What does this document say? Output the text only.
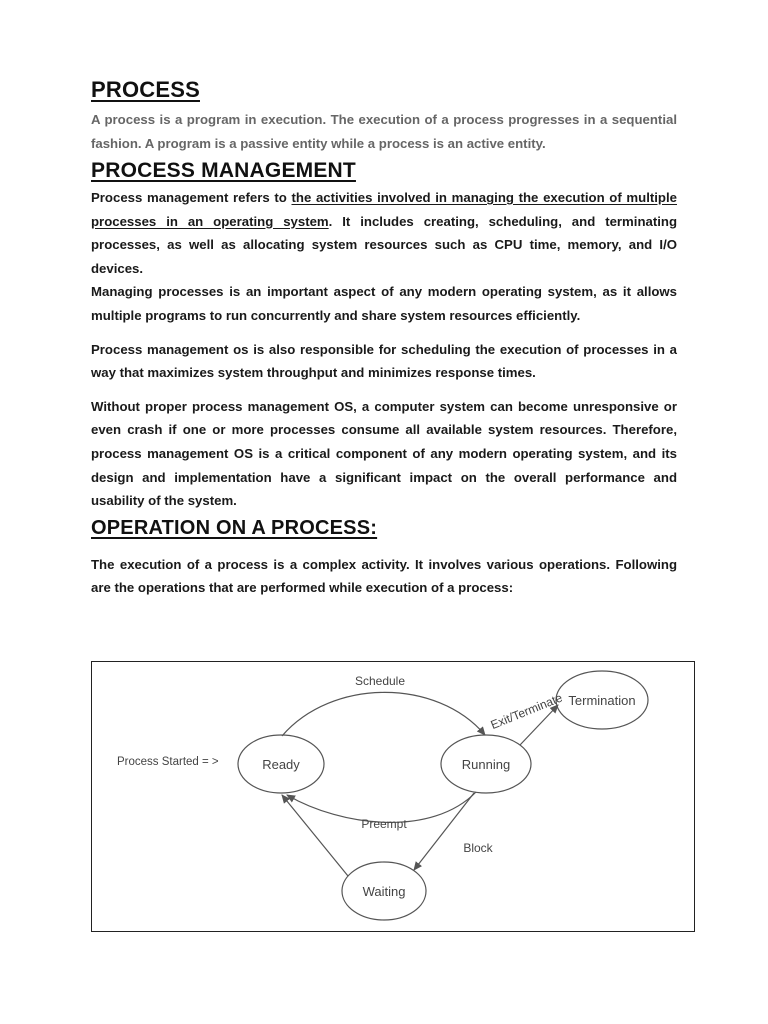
PROCESS

A process is a program in execution. The execution of a process progresses in a sequential fashion. A program is a passive entity while a process is an active entity.

PROCESS MANAGEMENT

Process management refers to the activities involved in managing the execution of multiple processes in an operating system. It includes creating, scheduling, and terminating processes, as well as allocating system resources such as CPU time, memory, and I/O devices.

Managing processes is an important aspect of any modern operating system, as it allows multiple programs to run concurrently and share system resources efficiently.

Process management os is also responsible for scheduling the execution of processes in a way that maximizes system throughput and minimizes response times.

Without proper process management OS, a computer system can become unresponsive or even crash if one or more processes consume all available system resources. Therefore, process management OS is a critical component of any modern operating system, and its design and implementation have a significant impact on the overall performance and usability of the system.

OPERATION ON A PROCESS:

The execution of a process is a complex activity. It involves various operations. Following are the operations that are performed while execution of a process:

Process Started = >	Ready	Running
Waiting
Termination
Schedule
Exit/Terminate
Preempt
Block
